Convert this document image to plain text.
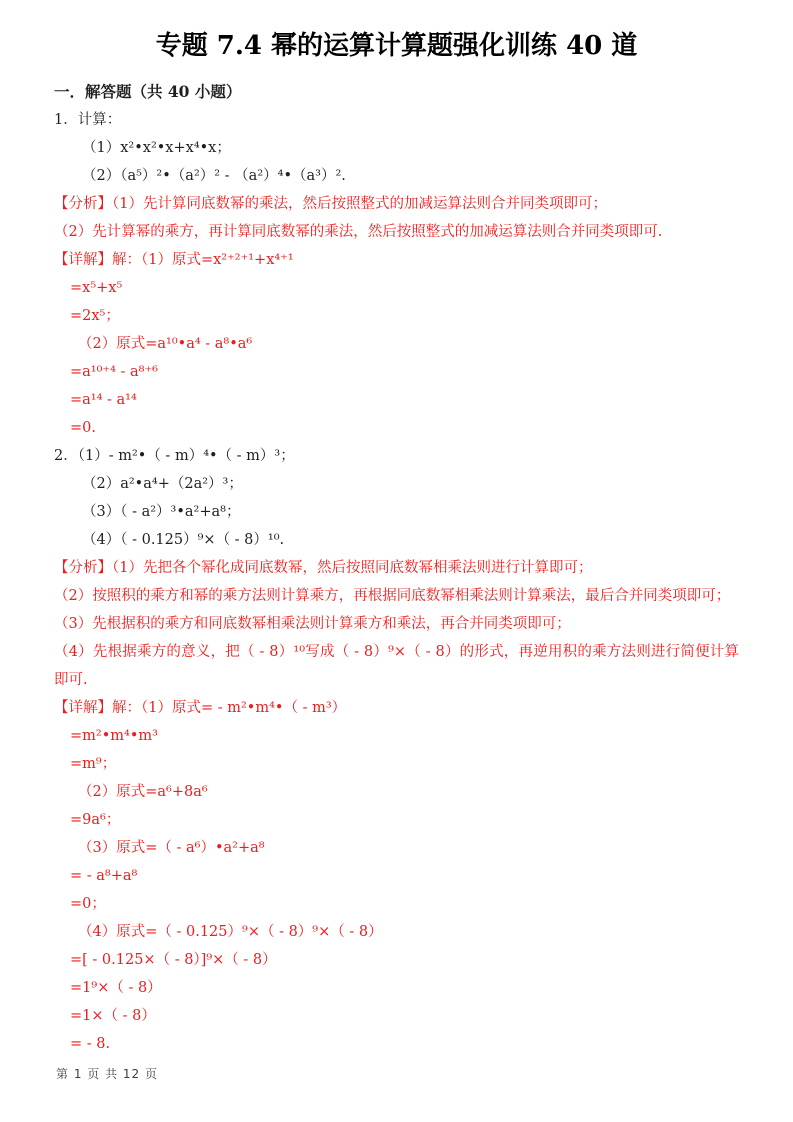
专题 7.4 幂的运算计算题强化训练 40 道

一．解答题（共 40 小题）

1．计算：

（1）x²•x²•x+x⁴•x；

（2）（a⁵）²•（a²）² - （a²）⁴•（a³）².

【分析】（1）先计算同底数幂的乘法，然后按照整式的加减运算法则合并同类项即可；

（2）先计算幂的乘方，再计算同底数幂的乘法，然后按照整式的加减运算法则合并同类项即可.

【详解】解：（1）原式=x²⁺²⁺¹+x⁴⁺¹

=x⁵+x⁵

=2x⁵；

（2）原式=a¹⁰•a⁴ - a⁸•a⁶

=a¹⁰⁺⁴ - a⁸⁺⁶

=a¹⁴ - a¹⁴

=0.

2．（1）- m²•（ - m）⁴•（ - m）³；

（2）a²•a⁴+（2a²）³；

（3）（ - a²）³•a²+a⁸；

（4）（ - 0.125）⁹×（ - 8）¹⁰.

【分析】（1）先把各个幂化成同底数幂，然后按照同底数幂相乘法则进行计算即可；

（2）按照积的乘方和幂的乘方法则计算乘方，再根据同底数幂相乘法则计算乘法，最后合并同类项即可；

（3）先根据积的乘方和同底数幂相乘法则计算乘方和乘法，再合并同类项即可；

（4）先根据乘方的意义，把（ - 8）¹⁰写成（ - 8）⁹×（ - 8）的形式，再逆用积的乘方法则进行简便计算即可.

【详解】解：（1）原式= - m²•m⁴•（ - m³）

=m²•m⁴•m³

=m⁹；

（2）原式=a⁶+8a⁶

=9a⁶；

（3）原式=（ - a⁶）•a²+a⁸

= - a⁸+a⁸

=0；

（4）原式=（ - 0.125）⁹×（ - 8）⁹×（ - 8）

=[ - 0.125×（ - 8）]⁹×（ - 8）

=1⁹×（ - 8）

=1×（ - 8）

= - 8.

第 1 页 共 12 页
